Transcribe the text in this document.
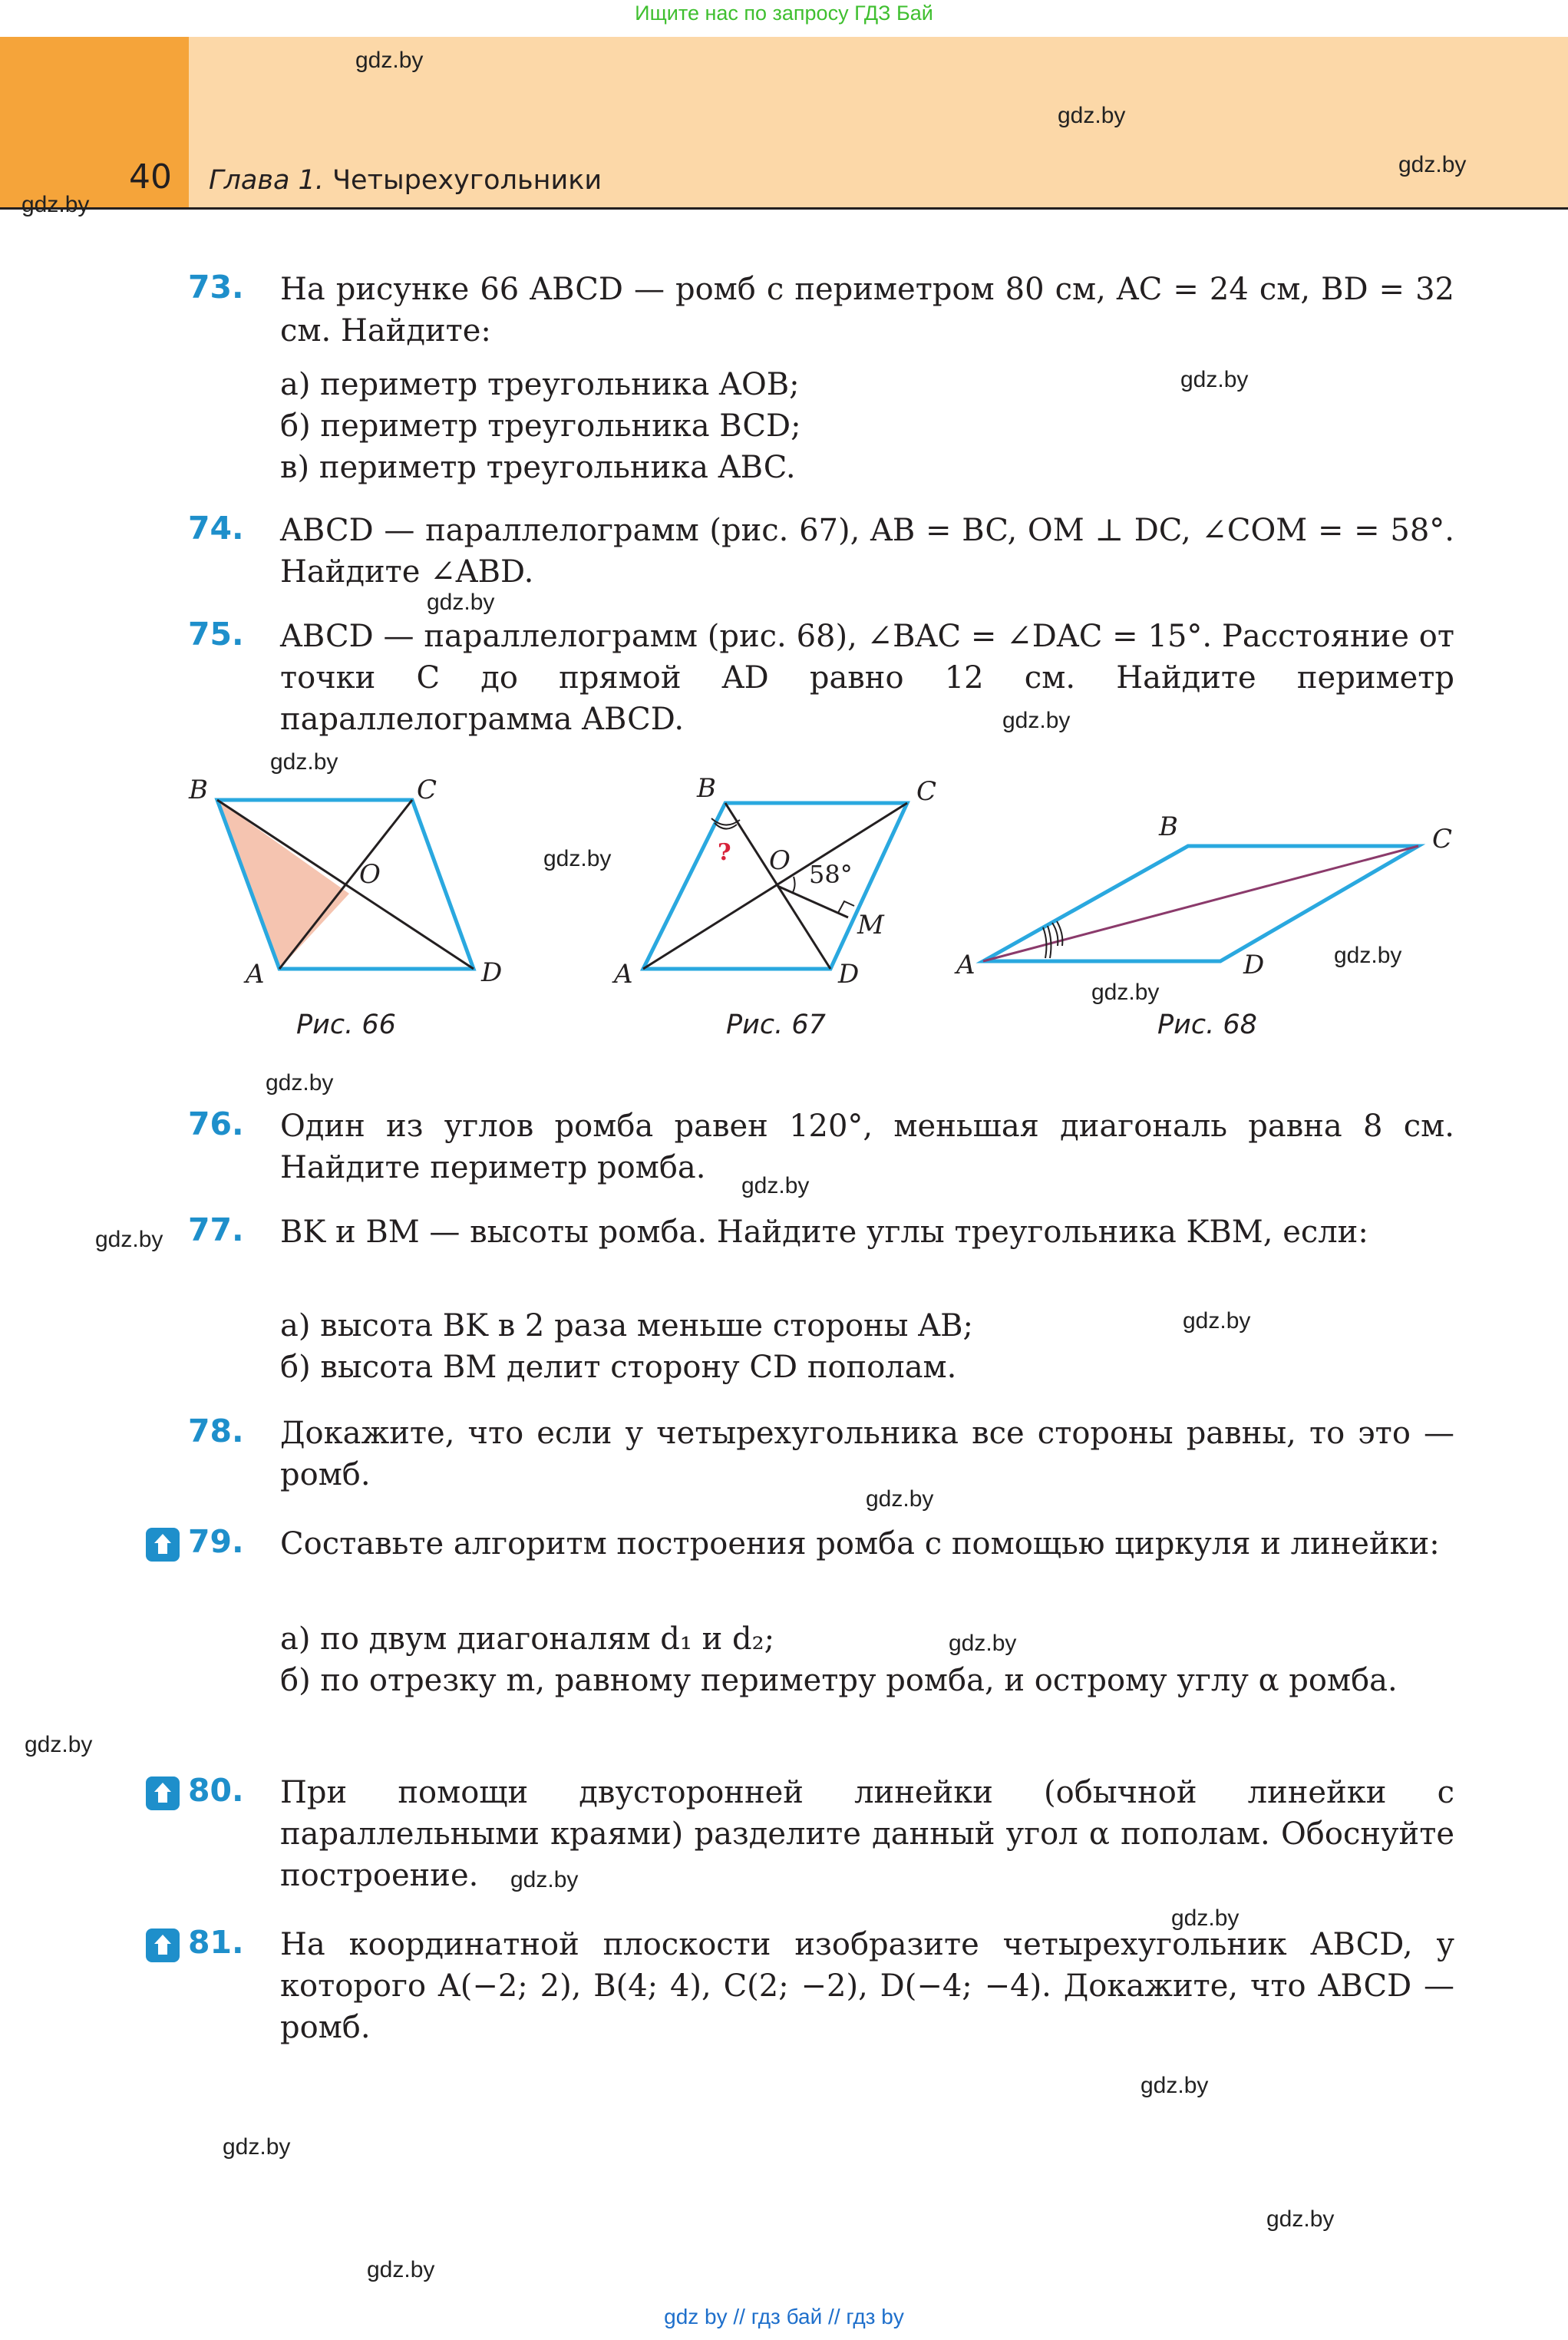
Ищите нас по запросу ГДЗ Бай
40 Глава 1. Четырехугольники
gdz.by
gdz.by
gdz.by
gdz.by
gdz.by
gdz.by
gdz.by
gdz.by
gdz.by
gdz.by
gdz.by
gdz.by
gdz.by
gdz.by
gdz.by
gdz.by
gdz.by
gdz.by
gdz.by
gdz.by
gdz.by
gdz.by
gdz.by
gdz.by
73. На рисунке 66 ABCD — ромб с периметром 80 см, AC = 24 см, BD = 32 см. Найдите:
а) периметр треугольника AOB;
б) периметр треугольника BCD;
в) периметр треугольника ABC.
74. ABCD — параллелограмм (рис. 67), AB = BC, OM ⊥ DC, ∠COM = = 58°. Найдите ∠ABD.
75. ABCD — параллелограмм (рис. 68), ∠BAC = ∠DAC = 15°. Расстояние от точки C до прямой AD равно 12 см. Найдите периметр параллелограмма ABCD.
B	C
A	D
O
B	C
A	D
O
M
58°
?
B	C
A	D
Рис. 66	Рис. 67	Рис. 68
76. Один из углов ромба равен 120°, меньшая диагональ равна 8 см. Найдите периметр ромба.
77. BK и BM — высоты ромба. Найдите углы треугольника KBM, если:
а) высота BK в 2 раза меньше стороны AB;
б) высота BM делит сторону CD пополам.
78. Докажите, что если у четырехугольника все стороны равны, то это — ромб.
79. Составьте алгоритм построения ромба с помощью циркуля и линейки:
а) по двум диагоналям d₁ и d₂;
б) по отрезку m, равному периметру ромба, и острому углу α ромба.
80. При помощи двусторонней линейки (обычной линейки с параллельными краями) разделите данный угол α пополам. Обоснуйте построение.
81. На координатной плоскости изобразите четырехугольник ABCD, у которого A(−2; 2), B(4; 4), C(2; −2), D(−4; −4). Докажите, что ABCD — ромб.
gdz by // гдз бай // гдз by
